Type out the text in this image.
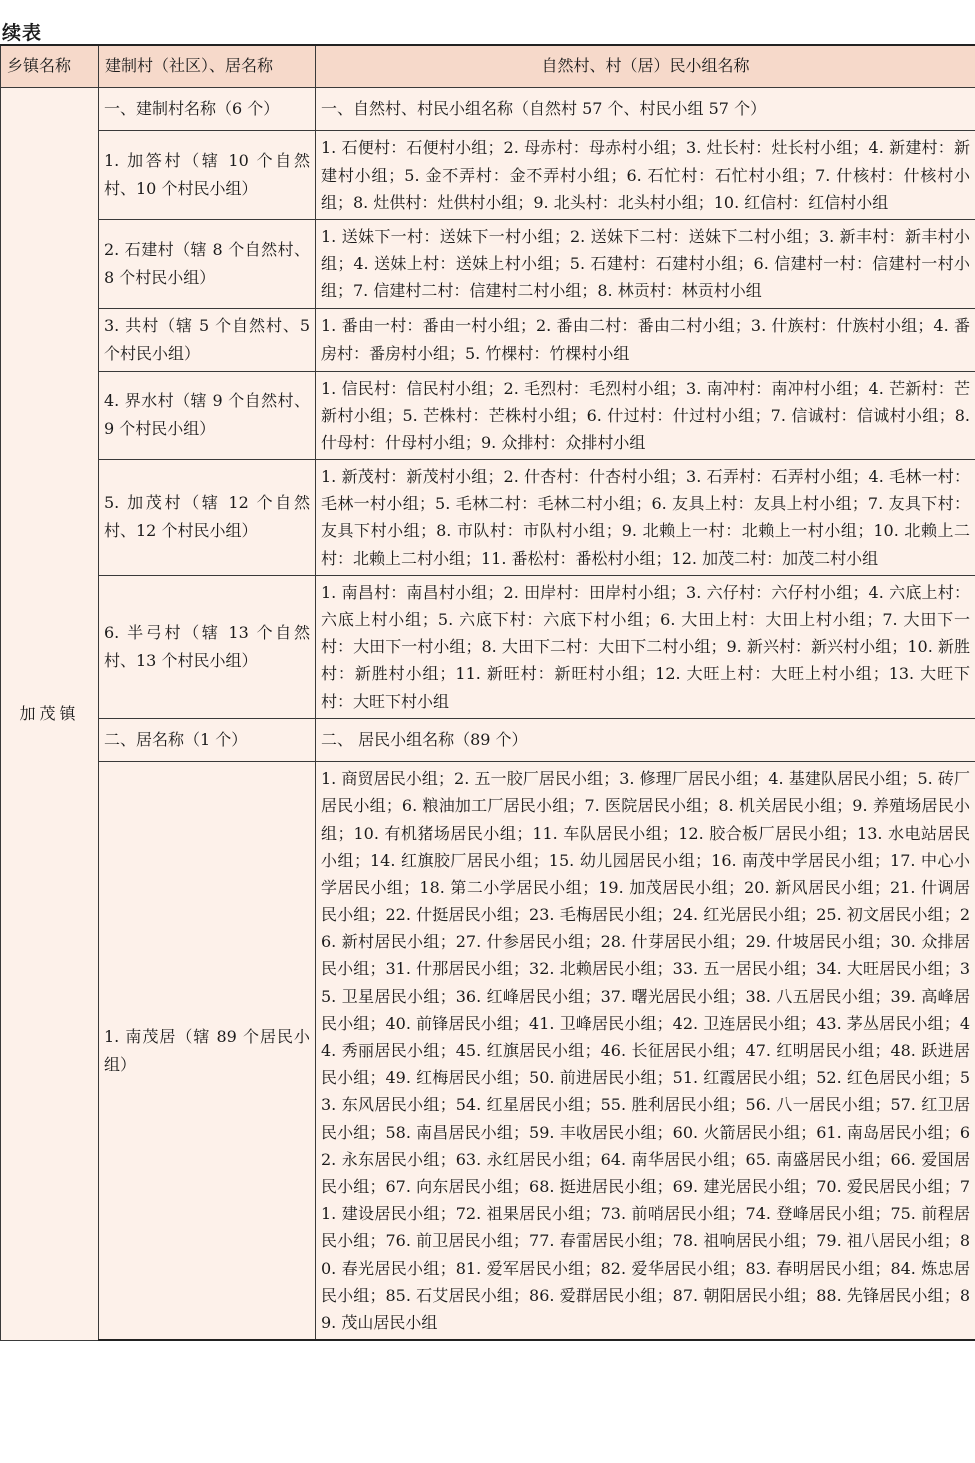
续表
乡镇名称	建制村（社区）、居名称	自然村、村（居）民小组名称
加茂镇	一、建制村名称（6 个）	一、自然村、村民小组名称（自然村 57 个、村民小组 57 个）
	1. 加答村（辖 10 个自然村、10 个村民小组）	1. 石便村：石便村小组；2. 母赤村：母赤村小组；3. 灶长村：灶长村小组；4. 新建村：新建村小组；5. 金不弄村：金不弄村小组；6. 石忙村：石忙村小组；7. 什核村：什核村小组；8. 灶供村：灶供村小组；9. 北头村：北头村小组；10. 红信村：红信村小组
	2. 石建村（辖 8 个自然村、8 个村民小组）	1. 送妹下一村：送妹下一村小组；2. 送妹下二村：送妹下二村小组；3. 新丰村：新丰村小组；4. 送妹上村：送妹上村小组；5. 石建村：石建村小组；6. 信建村一村：信建村一村小组；7. 信建村二村：信建村二村小组；8. 林贡村：林贡村小组
	3. 共村（辖 5 个自然村、5 个村民小组）	1. 番由一村：番由一村小组；2. 番由二村：番由二村小组；3. 什族村：什族村小组；4. 番房村：番房村小组；5. 竹棵村：竹棵村小组
	4. 界水村（辖 9 个自然村、9 个村民小组）	1. 信民村：信民村小组；2. 毛烈村：毛烈村小组；3. 南冲村：南冲村小组；4. 芒新村：芒新村小组；5. 芒株村：芒株村小组；6. 什过村：什过村小组；7. 信诚村：信诚村小组；8. 什母村：什母村小组；9. 众排村：众排村小组
	5. 加茂村（辖 12 个自然村、12 个村民小组）	1. 新茂村：新茂村小组；2. 什杏村：什杏村小组；3. 石弄村：石弄村小组；4. 毛林一村：毛林一村小组；5. 毛林二村：毛林二村小组；6. 友具上村：友具上村小组；7. 友具下村：友具下村小组；8. 市队村：市队村小组；9. 北赖上一村：北赖上一村小组；10. 北赖上二村：北赖上二村小组；11. 番松村：番松村小组；12. 加茂二村：加茂二村小组
	6. 半弓村（辖 13 个自然村、13 个村民小组）	1. 南昌村：南昌村小组；2. 田岸村：田岸村小组；3. 六仔村：六仔村小组；4. 六底上村：六底上村小组；5. 六底下村：六底下村小组；6. 大田上村：大田上村小组；7. 大田下一村：大田下一村小组；8. 大田下二村：大田下二村小组；9. 新兴村：新兴村小组；10. 新胜村：新胜村小组；11. 新旺村：新旺村小组；12. 大旺上村：大旺上村小组；13. 大旺下村：大旺下村小组
	二、居名称（1 个）	二、 居民小组名称（89 个）
	1. 南茂居（辖 89 个居民小组）	1. 商贸居民小组；2. 五一胶厂居民小组；3. 修理厂居民小组；4. 基建队居民小组；5. 砖厂居民小组；6. 粮油加工厂居民小组；7. 医院居民小组；8. 机关居民小组；9. 养殖场居民小组；10. 有机猪场居民小组；11. 车队居民小组；12. 胶合板厂居民小组；13. 水电站居民小组；14. 红旗胶厂居民小组；15. 幼儿园居民小组；16. 南茂中学居民小组；17. 中心小学居民小组；18. 第二小学居民小组；19. 加茂居民小组；20. 新风居民小组；21. 什调居民小组；22. 什挺居民小组；23. 毛梅居民小组；24. 红光居民小组；25. 初文居民小组；26. 新村居民小组；27. 什参居民小组；28. 什芽居民小组；29. 什坡居民小组；30. 众排居民小组；31. 什那居民小组；32. 北赖居民小组；33. 五一居民小组；34. 大旺居民小组；35. 卫星居民小组；36. 红峰居民小组；37. 曙光居民小组；38. 八五居民小组；39. 高峰居民小组；40. 前锋居民小组；41. 卫峰居民小组；42. 卫连居民小组；43. 茅丛居民小组；44. 秀丽居民小组；45. 红旗居民小组；46. 长征居民小组；47. 红明居民小组；48. 跃进居民小组；49. 红梅居民小组；50. 前进居民小组；51. 红霞居民小组；52. 红色居民小组；53. 东风居民小组；54. 红星居民小组；55. 胜利居民小组；56. 八一居民小组；57. 红卫居民小组；58. 南昌居民小组；59. 丰收居民小组；60. 火箭居民小组；61. 南岛居民小组；62. 永东居民小组；63. 永红居民小组；64. 南华居民小组；65. 南盛居民小组；66. 爱国居民小组；67. 向东居民小组；68. 挺进居民小组；69. 建光居民小组；70. 爱民居民小组；71. 建设居民小组；72. 祖果居民小组；73. 前哨居民小组；74. 登峰居民小组；75. 前程居民小组；76. 前卫居民小组；77. 春雷居民小组；78. 祖响居民小组；79. 祖八居民小组；80. 春光居民小组；81. 爱军居民小组；82. 爱华居民小组；83. 春明居民小组；84. 炼忠居民小组；85. 石艾居民小组；86. 爱群居民小组；87. 朝阳居民小组；88. 先锋居民小组；89. 茂山居民小组
